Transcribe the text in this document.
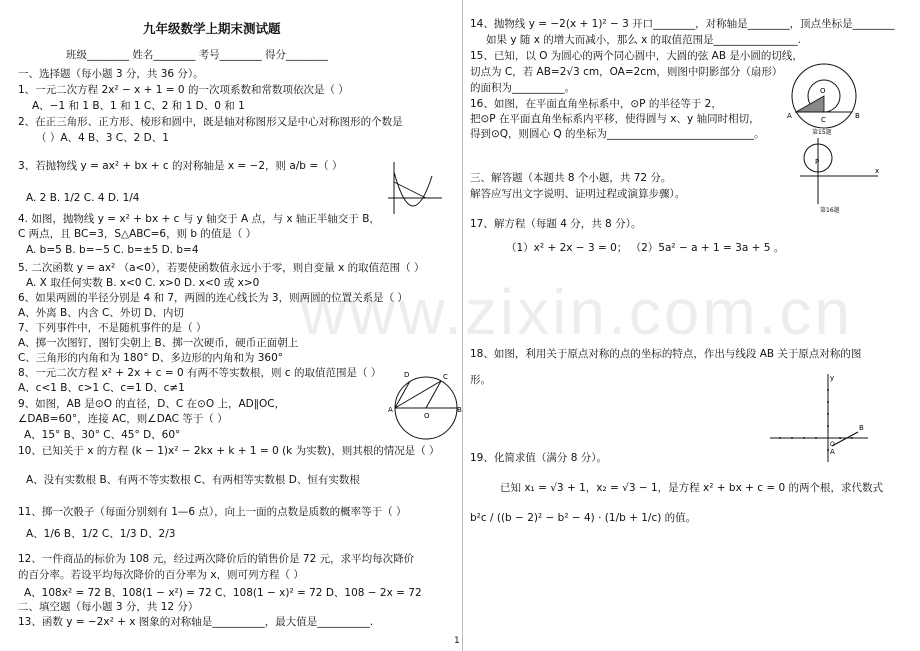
九年级数学上期末测试题
班级________ 姓名________ 考号________ 得分________
一、选择题（每小题 3 分，共 36 分）。
1、一元二次方程 2x² − x + 1 = 0 的一次项系数和常数项依次是（ ）
A、−1 和 1 B、1 和 1 C、2 和 1 D、0 和 1
2、在正三角形、正方形、棱形和圆中，既是轴对称图形又是中心对称图形的个数是
（ ）A、4 B、3 C、2 D、1
3、若抛物线 y = ax² + bx + c 的对称轴是 x = −2，则 a/b =（ ）
A. 2 B. 1/2 C. 4 D. 1/4
4. 如图，抛物线 y = x² + bx + c 与 y 轴交于 A 点，与 x 轴正半轴交于 B，
C 两点，且 BC=3，S△ABC=6，则 b 的值是（ ）
A. b=5 B. b=−5 C. b=±5 D. b=4
5. 二次函数 y = ax² （a<0），若要使函数值永远小于零，则自变量 x 的取值范围（ ）
A. X 取任何实数 B. x<0 C. x>0 D. x<0 或 x>0
6、如果两圆的半径分别是 4 和 7，两圆的连心线长为 3，则两圆的位置关系是（ ）
A、外离 B、内含 C、外切 D、内切
7、下列事件中，不是随机事件的是（ ）
A、掷一次图钉，图钉尖朝上 B、掷一次硬币，硬币正面朝上
C、三角形的内角和为 180° D、多边形的内角和为 360°
8、一元二次方程 x² + 2x + c = 0 有两不等实数根，则 c 的取值范围是（ ）
A、c<1 B、c>1 C、c=1 D、c≠1
9、如图，AB 是⊙O 的直径，D、C 在⊙O 上，AD∥OC，
∠DAB=60°，连接 AC，则∠DAC 等于（ ）
A、15° B、30° C、45° D、60°
10、已知关于 x 的方程 (k − 1)x² − 2kx + k + 1 = 0 (k 为实数)，则其根的情况是（ ）
A、没有实数根 B、有两不等实数根 C、有两相等实数根 D、恒有实数根
11、掷一次骰子（每面分别刻有 1—6 点），向上一面的点数是质数的概率等于（ ）
A、1/6 B、1/2 C、1/3 D、2/3
12、一件商品的标价为 108 元，经过两次降价后的销售价是 72 元，求平均每次降价
的百分率。若设平均每次降价的百分率为 x，则可列方程（ ）
A、108x² = 72 B、108(1 − x²) = 72 C、108(1 − x)² = 72 D、108 − 2x = 72
二、填空题（每小题 3 分，共 12 分）
13、函数 y = −2x² + x 图象的对称轴是__________，最大值是__________.
D	C
A	B
O
14、抛物线 y = −2(x + 1)² − 3 开口________，对称轴是________，顶点坐标是________
如果 y 随 x 的增大而减小，那么 x 的取值范围是________________.
15、已知，以 O 为圆心的两个同心圆中，大圆的弦 AB 是小圆的切线，
切点为 C，若 AB=2√3 cm，OA=2cm，则图中阴影部分（扇形）
的面积为__________。
16、如图，在平面直角坐标系中，⊙P 的半径等于 2，
把⊙P 在平面直角坐标系内平移，使得圆与 x、y 轴同时相切，
得到⊙Q，则圆心 Q 的坐标为____________________________。
三、解答题（本题共 8 个小题，共 72 分。
解答应写出文字说明、证明过程或演算步骤）。
17、解方程（每题 4 分，共 8 分）。
（1）x² + 2x − 3 = 0； （2）5a² − a + 1 = 3a + 5 。
18、如图，利用关于原点对称的点的坐标的特点，作出与线段 AB 关于原点对称的图
形。
19、化简求值（满分 8 分）。
已知 x₁ = √3 + 1，x₂ = √3 − 1，是方程 x² + bx + c = 0 的两个根，求代数式
b²c / ((b − 2)² − b² − 4) · (1/b + 1/c) 的值。
A	C	B
O
第15题
P
x
第16题
y
A
B
O
www.zixin.com.cn
1
